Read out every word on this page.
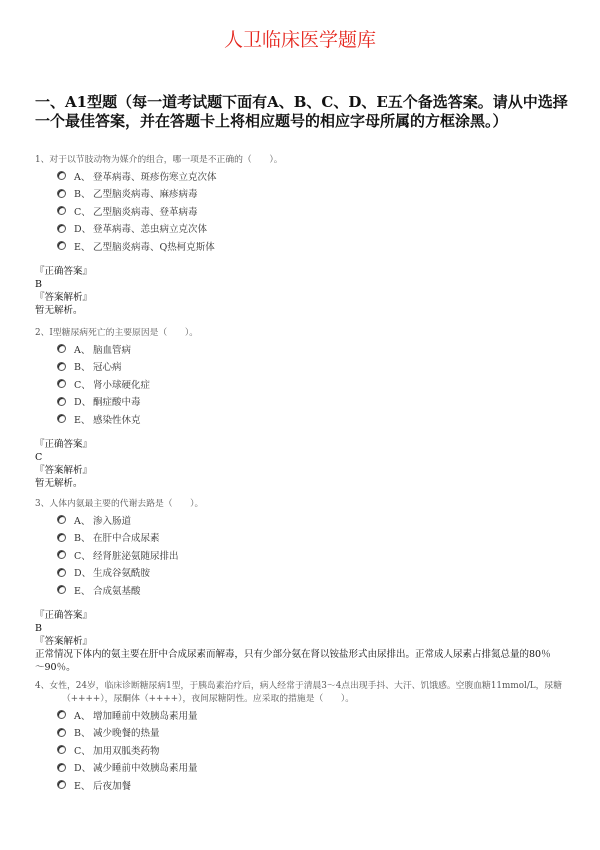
人卫临床医学题库
一、A1型题（每一道考试题下面有A、B、C、D、E五个备选答案。请从中选择
一个最佳答案，并在答题卡上将相应题号的相应字母所属的方框涂黑。）
1、对于以节肢动物为媒介的组合，哪一项是不正确的（　　）。
A、 登革病毒、斑疹伤寒立克次体
B、 乙型脑炎病毒、麻疹病毒
C、 乙型脑炎病毒、登革病毒
D、 登革病毒、恙虫病立克次体
E、 乙型脑炎病毒、Q热柯克斯体
『正确答案』
B
『答案解析』
暂无解析。
2、I型糖尿病死亡的主要原因是（　　）。
A、 脑血管病
B、 冠心病
C、 肾小球硬化症
D、 酮症酸中毒
E、 感染性休克
『正确答案』
C
『答案解析』
暂无解析。
3、人体内氨最主要的代谢去路是（　　）。
A、 渗入肠道
B、 在肝中合成尿素
C、 经肾脏泌氨随尿排出
D、 生成谷氨酰胺
E、 合成氨基酸
『正确答案』
B
『答案解析』
正常情况下体内的氨主要在肝中合成尿素而解毒，只有少部分氨在肾以铵盐形式由尿排出。正常成人尿素占排氮总量的80％
～90％。
4、女性，24岁，临床诊断糖尿病1型，于胰岛素治疗后，病人经常于清晨3～4点出现手抖、大汗、饥饿感。空腹血糖11mmol/L，尿糖
（++++），尿酮体（++++），夜间尿糖阴性。应采取的措施是（　　）。
A、 增加睡前中效胰岛素用量
B、 减少晚餐的热量
C、 加用双胍类药物
D、 减少睡前中效胰岛素用量
E、 后夜加餐
